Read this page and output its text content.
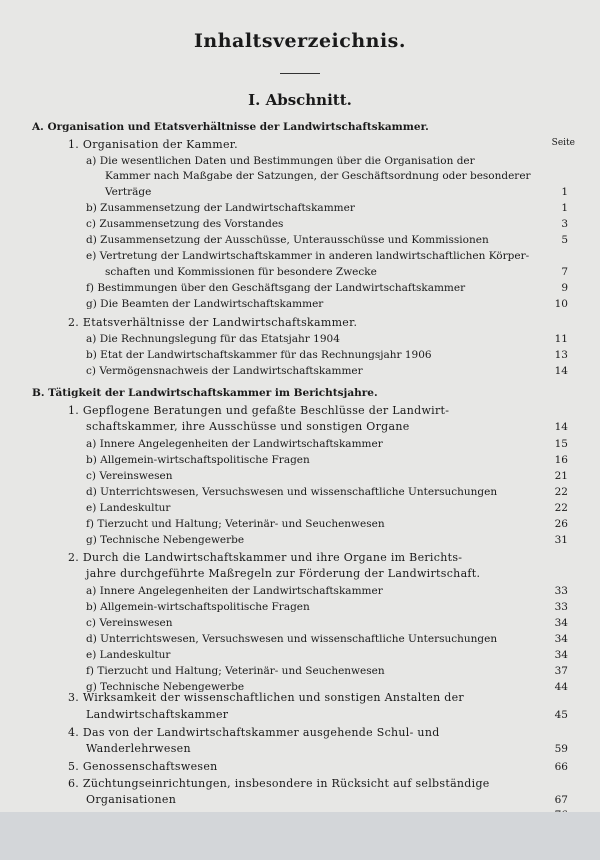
Inhaltsverzeichnis.
I. Abschnitt.
Seite
A. Organisation und Etatsverhältnisse der Landwirtschaftskammer.
1. Organisation der Kammer.
a) Die wesentlichen Daten und Bestimmungen über die Organisation der
Kammer nach Maßgabe der Satzungen, der Geschäftsordnung oder besonderer
Verträge	1
b) Zusammensetzung der Landwirtschaftskammer	1
c) Zusammensetzung des Vorstandes	3
d) Zusammensetzung der Ausschüsse, Unterausschüsse und Kommissionen	5
e) Vertretung der Landwirtschaftskammer in anderen landwirtschaftlichen Körper-
schaften und Kommissionen für besondere Zwecke	7
f) Bestimmungen über den Geschäftsgang der Landwirtschaftskammer	9
g) Die Beamten der Landwirtschaftskammer	10
2. Etatsverhältnisse der Landwirtschaftskammer.
a) Die Rechnungslegung für das Etatsjahr 1904	11
b) Etat der Landwirtschaftskammer für das Rechnungsjahr 1906	13
c) Vermögensnachweis der Landwirtschaftskammer	14
B. Tätigkeit der Landwirtschaftskammer im Berichtsjahre.
1. Gepflogene Beratungen und gefaßte Beschlüsse der Landwirt-
schaftskammer, ihre Ausschüsse und sonstigen Organe	14
a) Innere Angelegenheiten der Landwirtschaftskammer	15
b) Allgemein-wirtschaftspolitische Fragen	16
c) Vereinswesen	21
d) Unterrichtswesen, Versuchswesen und wissenschaftliche Untersuchungen	22
e) Landeskultur	22
f) Tierzucht und Haltung; Veterinär- und Seuchenwesen	26
g) Technische Nebengewerbe	31
2. Durch die Landwirtschaftskammer und ihre Organe im Berichts-
jahre durchgeführte Maßregeln zur Förderung der Landwirtschaft.
a) Innere Angelegenheiten der Landwirtschaftskammer	33
b) Allgemein-wirtschaftspolitische Fragen	33
c) Vereinswesen	34
d) Unterrichtswesen, Versuchswesen und wissenschaftliche Untersuchungen	34
e) Landeskultur	34
f) Tierzucht und Haltung; Veterinär- und Seuchenwesen	37
g) Technische Nebengewerbe	44
3. Wirksamkeit der wissenschaftlichen und sonstigen Anstalten der
Landwirtschaftskammer	45
4. Das von der Landwirtschaftskammer ausgehende Schul- und
Wanderlehrwesen	59
5. Genossenschaftswesen	66
6. Züchtungseinrichtungen, insbesondere in Rücksicht auf selbständige
Organisationen	67
